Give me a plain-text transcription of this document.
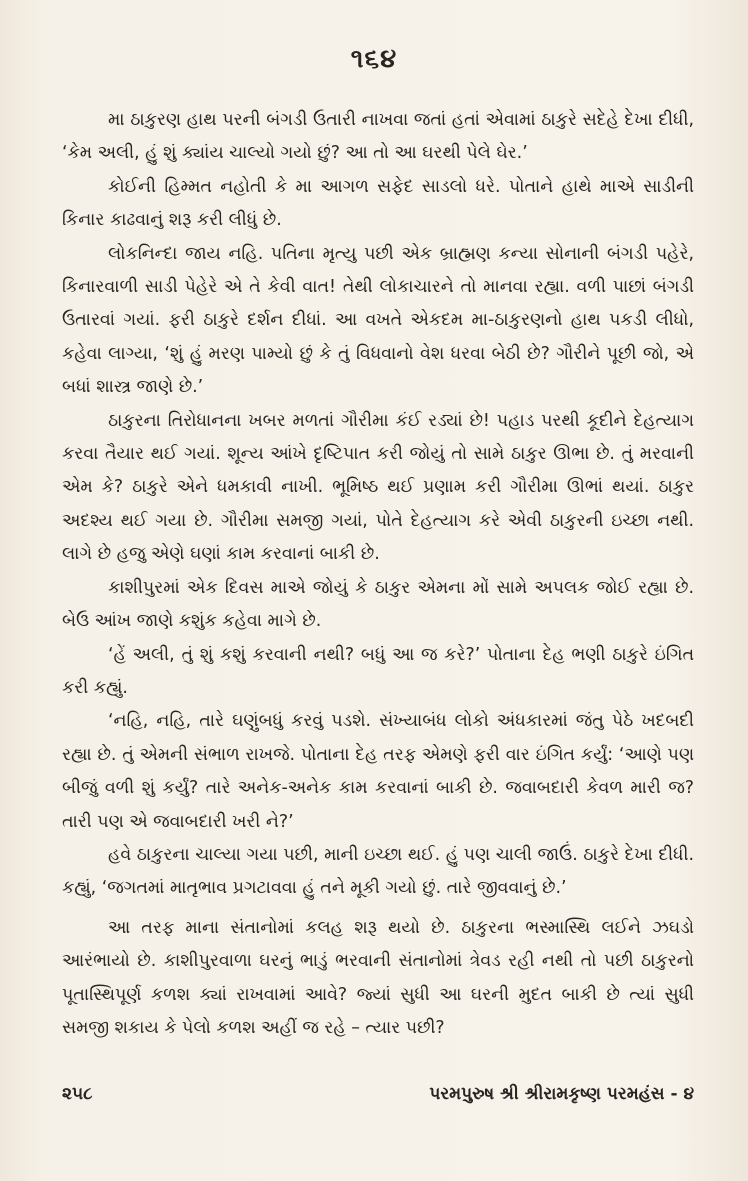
૧૬૪

મા ઠાકુરણ હાથ પરની બંગડી ઉતારી નાખવા જતાં હતાં એવામાં ઠાકુરે સદેહે દેખા દીધી, ‘કેમ અલી, હું શું ક્યાંય ચાલ્યો ગયો છું? આ તો આ ઘરથી પેલે ઘેર.’

કોઈની હિમ્મત નહોતી કે મા આગળ સફેદ સાડલો ધરે. પોતાને હાથે માએ સાડીની કિનાર કાઢવાનું શરૂ કરી લીધું છે.

લોકનિન્દા જાય નહિ. પતિના મૃત્યુ પછી એક બ્રાહ્મણ કન્યા સોનાની બંગડી પહેરે, કિનારવાળી સાડી પેહેરે એ તે કેવી વાત! તેથી લોકાચારને તો માનવા રહ્યા. વળી પાછાં બંગડી ઉતારવાં ગયાં. ફરી ઠાકુરે દર્શન દીધાં. આ વખતે એકદમ મા-ઠાકુરણનો હાથ પકડી લીધો, કહેવા લાગ્યા, ‘શું હું મરણ પામ્યો છું કે તું વિધવાનો વેશ ધરવા બેઠી છે? ગૌરીને પૂછી જો, એ બધાં શાસ્ત્ર જાણે છે.’

ઠાકુરના તિરોધાનના ખબર મળતાં ગૌરીમા કંઈ રડ્યાં છે! પહાડ પરથી કૂદીને દેહત્યાગ કરવા તૈયાર થઈ ગયાં. શૂન્ય આંખે દૃષ્ટિપાત કરી જોયું તો સામે ઠાકુર ઊભા છે. તું મરવાની એમ કે? ઠાકુરે એને ધમકાવી નાખી. ભૂમિષ્ઠ થઈ પ્રણામ કરી ગૌરીમા ઊભાં થયાં. ઠાકુર અદશ્ય થઈ ગયા છે. ગૌરીમા સમજી ગયાં, પોતે દેહત્યાગ કરે એવી ઠાકુરની ઇચ્છા નથી. લાગે છે હજુ એણે ઘણાં કામ કરવાનાં બાકી છે.

કાશીપુરમાં એક દિવસ માએ જોયું કે ઠાકુર એમના મોં સામે અપલક જોઈ રહ્યા છે. બેઉ આંખ જાણે કશુંક કહેવા માગે છે.

‘હેં અલી, તું શું કશું કરવાની નથી? બધું આ જ કરે?’ પોતાના દેહ ભણી ઠાકુરે ઇંગિત કરી કહ્યું.

‘નહિ, નહિ, તારે ઘણુંબધું કરવું પડશે. સંખ્યાબંધ લોકો અંધકારમાં જંતુ પેઠે ખદબદી રહ્યા છે. તું એમની સંભાળ રાખજે. પોતાના દેહ તરફ એમણે ફરી વાર ઇંગિત કર્યું: ‘આણે પણ બીજું વળી શું કર્યું? તારે અનેક-અનેક કામ કરવાનાં બાકી છે. જવાબદારી કેવળ મારી જ? તારી પણ એ જવાબદારી ખરી ને?’

હવે ઠાકુરના ચાલ્યા ગયા પછી, માની ઇચ્છા થઈ. હું પણ ચાલી જાઉં. ઠાકુરે દેખા દીધી. કહ્યું, ‘જગતમાં માતૃભાવ પ્રગટાવવા હું તને મૂકી ગયો છું. તારે જીવવાનું છે.’

આ તરફ માના સંતાનોમાં કલહ શરૂ થયો છે. ઠાકુરના ભસ્માસ્થિ લઈને ઝઘડો આરંભાયો છે. કાશીપુરવાળા ઘરનું ભાડું ભરવાની સંતાનોમાં ત્રેવડ રહી નથી તો પછી ઠાકુરનો પૂતાસ્થિપૂર્ણ કળશ ક્યાં રાખવામાં આવે? જ્યાં સુધી આ ઘરની મુદત બાકી છે ત્યાં સુધી સમજી શકાય કે પેલો કળશ અહીં જ રહે – ત્યાર પછી?

૨૫૮	પરમપુરુષ શ્રી શ્રીરામકૃષ્ણ પરમહંસ - ૪
